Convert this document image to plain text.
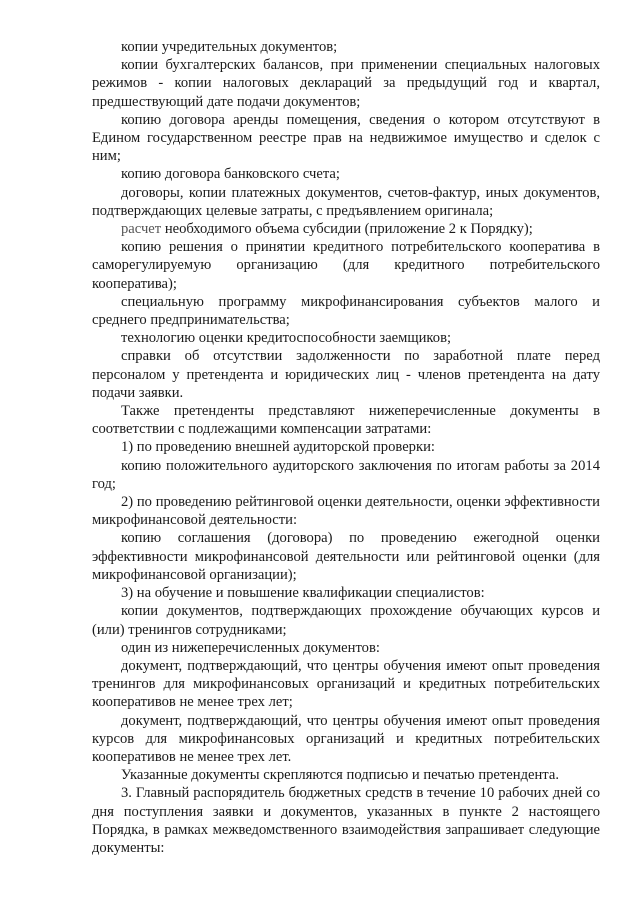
копии учредительных документов;

копии бухгалтерских балансов, при применении специальных налоговых режимов - копии налоговых деклараций за предыдущий год и квартал, предшествующий дате подачи документов;

копию договора аренды помещения, сведения о котором отсутствуют в Едином государственном реестре прав на недвижимое имущество и сделок с ним;

копию договора банковского счета;

договоры, копии платежных документов, счетов-фактур, иных документов, подтверждающих целевые затраты, с предъявлением оригинала;

расчет необходимого объема субсидии (приложение 2 к Порядку);

копию решения о принятии кредитного потребительского кооператива в саморегулируемую организацию (для кредитного потребительского кооператива);

специальную программу микрофинансирования субъектов малого и среднего предпринимательства;

технологию оценки кредитоспособности заемщиков;

справки об отсутствии задолженности по заработной плате перед персоналом у претендента и юридических лиц - членов претендента на дату подачи заявки.

Также претенденты представляют нижеперечисленные документы в соответствии с подлежащими компенсации затратами:

1) по проведению внешней аудиторской проверки:

копию положительного аудиторского заключения по итогам работы за 2014 год;

2) по проведению рейтинговой оценки деятельности, оценки эффективности микрофинансовой деятельности:

копию соглашения (договора) по проведению ежегодной оценки эффективности микрофинансовой деятельности или рейтинговой оценки (для микрофинансовой организации);

3) на обучение и повышение квалификации специалистов:

копии документов, подтверждающих прохождение обучающих курсов и (или) тренингов сотрудниками;

один из нижеперечисленных документов:

документ, подтверждающий, что центры обучения имеют опыт проведения тренингов для микрофинансовых организаций и кредитных потребительских кооперативов не менее трех лет;

документ, подтверждающий, что центры обучения имеют опыт проведения курсов для микрофинансовых организаций и кредитных потребительских кооперативов не менее трех лет.

Указанные документы скрепляются подписью и печатью претендента.

3. Главный распорядитель бюджетных средств в течение 10 рабочих дней со дня поступления заявки и документов, указанных в пункте 2 настоящего Порядка, в рамках межведомственного взаимодействия запрашивает следующие документы:
